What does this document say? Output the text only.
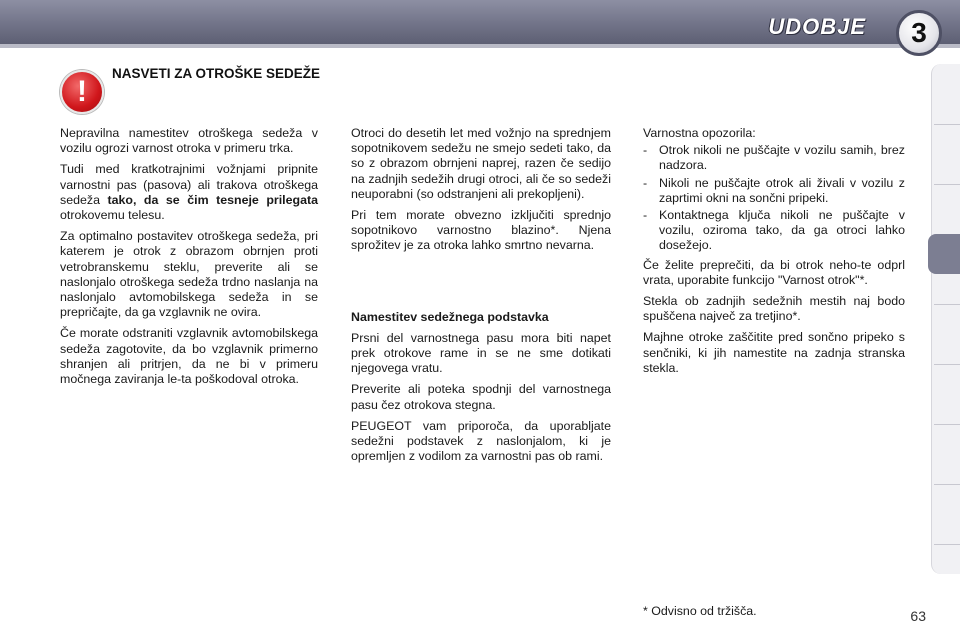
UDOBJE 3
!
NASVETI ZA OTROŠKE SEDEŽE

Nepravilna namestitev otroškega sedeža v vozilu ogrozi varnost otroka v primeru trka.

Tudi med kratkotrajnimi vožnjami pripnite varnostni pas (pasova) ali trakova otroškega sedeža tako, da se čim tesneje prilegata otrokovemu telesu.

Za optimalno postavitev otroškega sedeža, pri katerem je otrok z obrazom obrnjen proti vetrobranskemu steklu, preverite ali se naslonjalo otroškega sedeža trdno naslanja na naslonjalo avtomobilskega sedeža in se prepričajte, da ga vzglavnik ne ovira.

Če morate odstraniti vzglavnik avtomobilskega sedeža zagotovite, da bo vzglavnik primerno shranjen ali pritrjen, da ne bi v primeru močnega zaviranja le-ta poškodoval otroka.

Otroci do desetih let med vožnjo na sprednjem sopotnikovem sedežu ne smejo sedeti tako, da so z obrazom obrnjeni naprej, razen če sedijo na zadnjih sedežih drugi otroci, ali če so sedeži neuporabni (so odstranjeni ali prekopljeni).

Pri tem morate obvezno izključiti sprednjo sopotnikovo varnostno blazino*. Njena sprožitev je za otroka lahko smrtno nevarna.

Namestitev sedežnega podstavka

Prsni del varnostnega pasu mora biti napet prek otrokove rame in se ne sme dotikati njegovega vratu.

Preverite ali poteka spodnji del varnostnega pasu čez otrokova stegna.

PEUGEOT vam priporoča, da uporabljate sedežni podstavek z naslonjalom, ki je opremljen z vodilom za varnostni pas ob rami.

Varnostna opozorila:

- Otrok nikoli ne puščajte v vozilu samih, brez nadzora.
- Nikoli ne puščajte otrok ali živali v vozilu z zaprtimi okni na sončni pripeki.
- Kontaktnega ključa nikoli ne puščajte v vozilu, oziroma tako, da ga otroci lahko dosežejo.

Če želite preprečiti, da bi otrok neho-te odprl vrata, uporabite funkcijo "Varnost otrok"*.

Stekla ob zadnjih sedežnih mestih naj bodo spuščena največ za tretjino*.

Majhne otroke zaščitite pred sončno pripeko s senčniki, ki jih namestite na zadnja stranska stekla.

* Odvisno od tržišča.	63
